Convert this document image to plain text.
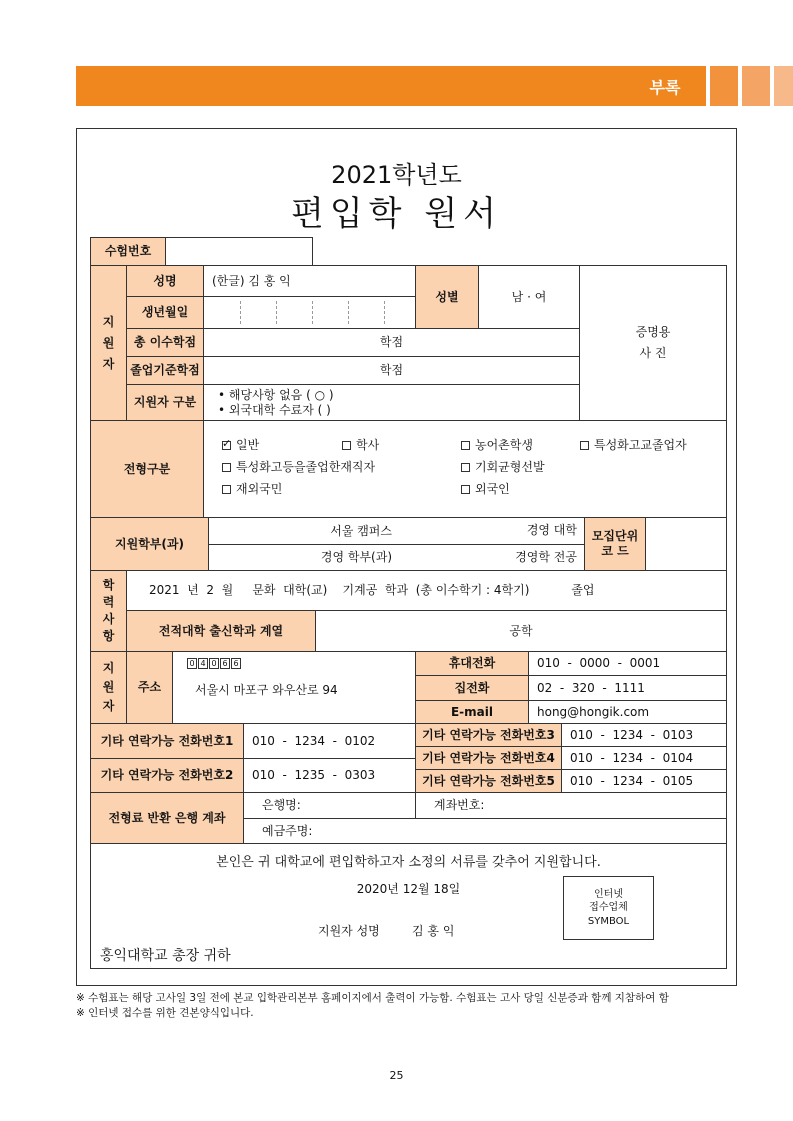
부록
2021학년도
편입학 원서
수험번호
지
원
자
성명	(한글) 김 홍 익
성별	남 · 여
증명용
사 진
생년월일
총 이수학점	학점
졸업기준학점	학점
지원자 구분
• 해당사항 없음 ( ○ )
• 외국대학 수료자 ( )
전형구분
✓일반	학사	농어촌학생	특성화고교졸업자
특성화고등을졸업한재직자	기회균형선발
재외국민	외국인
지원학부(과)
서울 캠퍼스	경영 대학
경영 학부(과)	경영학 전공
모집단위
코 드
학
력
사
항
2021  년  2  월     문화  대학(교)    기계공  학과  (총 이수학기 : 4학기)           졸업
전적대학 출신학과 계열	공학
지
원
자
주소
0 4 0 6 6
서울시 마포구 와우산로 94
휴대전화	010  -  0000  -  0001
집전화	02  -  320  -  1111
E-mail	hong@hongik.com
기타 연락가능 전화번호1	010  -  1234  -  0102
기타 연락가능 전화번호2	010  -  1235  -  0303
기타 연락가능 전화번호3	010  -  1234  -  0103
기타 연락가능 전화번호4	010  -  1234  -  0104
기타 연락가능 전화번호5	010  -  1234  -  0105
전형료 반환 은행 계좌
은행명:	계좌번호:
예금주명:
본인은 귀 대학교에 편입학하고자 소정의 서류를 갖추어 지원합니다.
2020년 12월 18일
지원자 성명	김 홍 익
홍익대학교 총장 귀하
인터넷
접수업체
SYMBOL

※ 수험표는 해당 고사일 3일 전에 본교 입학관리본부 홈페이지에서 출력이 가능함. 수험표는 고사 당일 신분증과 함께 지참하여 함

※ 인터넷 접수를 위한 견본양식입니다.

25
